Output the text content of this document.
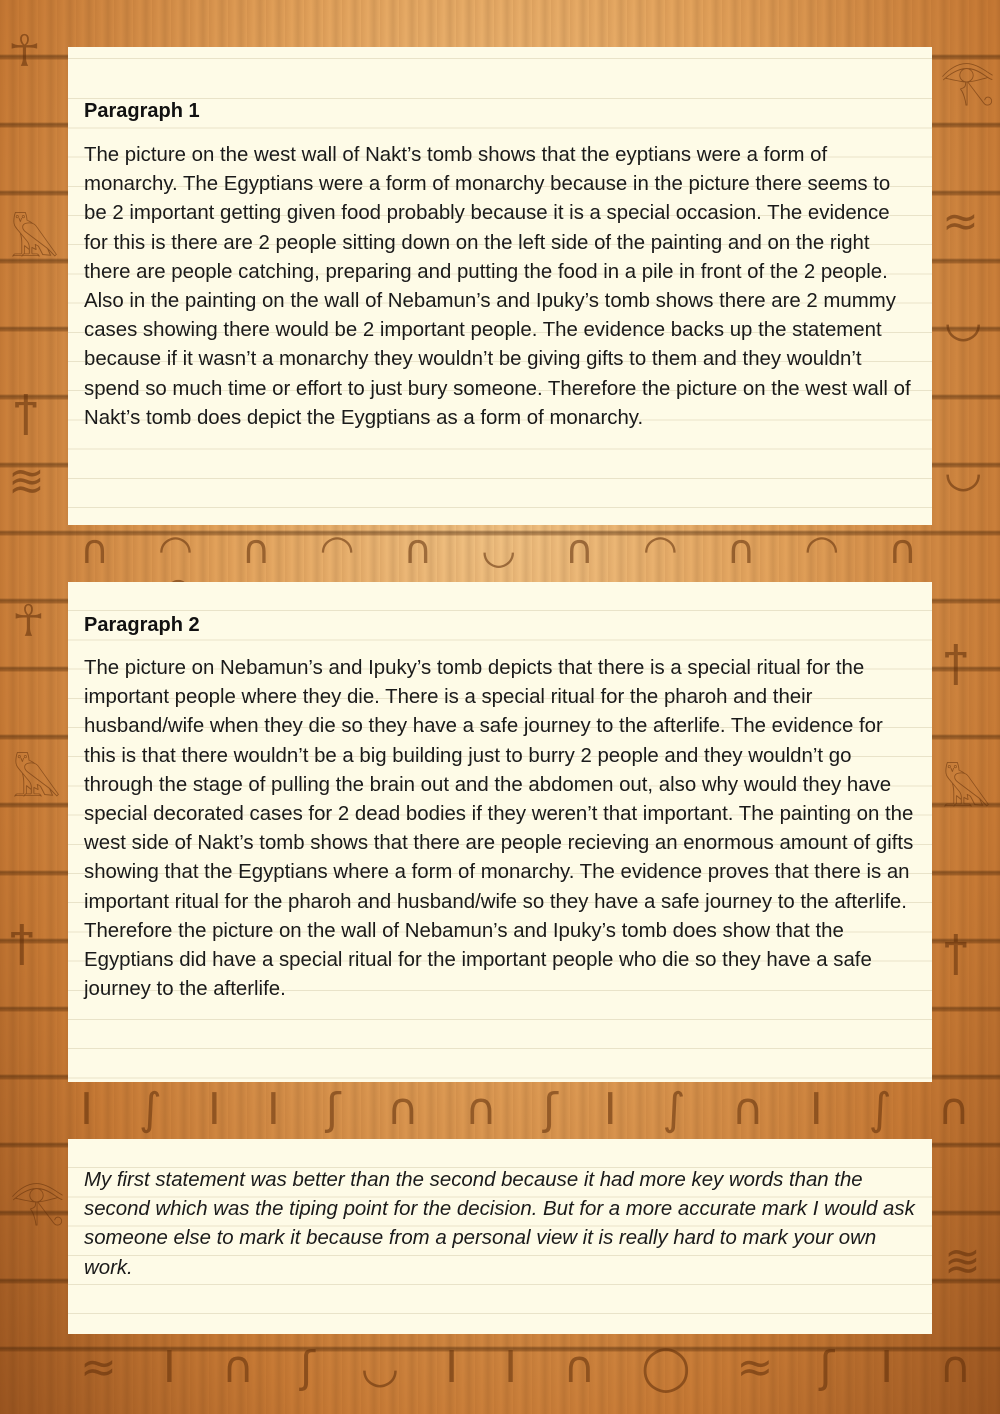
☥
𓂀
𓅓	≈
◡
ϯ
≋	◡
∩ ◠ ∩ ◠ ∩ ◡ ∩ ◠ ∩ ◠ ∩
☥
ϯ
𓅓	𓅓
ϯ	ϯ
Ι ∫ Ι Ι ʃ ∩ ∩ ʃ Ι ∫ ∩ Ι ∫ ∩
≈ Ι ∩ ʃ ◡ Ι Ι ∩ ◯ ≈ ʃ Ι ∩
𓂀
≋
Paragraph 1

The picture on the west wall of Nakt’s tomb shows that the eyptians were a form of monarchy. The Egyptians were a form of monarchy because in the picture there seems to be 2 important getting given food probably because it is a special occasion. The evidence for this is there are 2 people sitting down on the left side of the painting and on the right there are people catching, preparing and putting the food in a pile in front of the 2 people. Also in the painting on the wall of Nebamun’s and Ipuky’s tomb shows there are 2 mummy cases showing there would be 2 important people. The evidence backs up the statement because if it wasn’t a monarchy they wouldn’t be giving gifts to them and they wouldn’t spend so much time or effort to just bury someone. Therefore the picture on the west wall of Nakt’s tomb does depict the Eygptians as a form of monarchy.

Paragraph 2

The picture on Nebamun’s and Ipuky’s tomb depicts that there is a special ritual for the important people where they die. There is a special ritual for the pharoh and their husband/wife when they die so they have a safe journey to the afterlife. The evidence for this is that there wouldn’t be a big building just to burry 2 people and they wouldn’t go through the stage of pulling the brain out and the abdomen out, also why would they have special decorated cases for 2 dead bodies if they weren’t that important. The painting on the west side of Nakt’s tomb shows that there are people recieving an enormous amount of gifts showing that the Egyptians where a form of monarchy. The evidence proves that there is an important ritual for the pharoh and husband/wife so they have a safe journey to the afterlife. Therefore the picture on the wall of Nebamun’s and Ipuky’s tomb does show that the Egyptians did have a special ritual for the important people who die so they have a safe journey to the afterlife.

My first statement was better than the second because it had more key words than the second which was the tiping point for the decision. But for a more accurate mark I would ask someone else to mark it because from a personal view it is really hard to mark your own work.
